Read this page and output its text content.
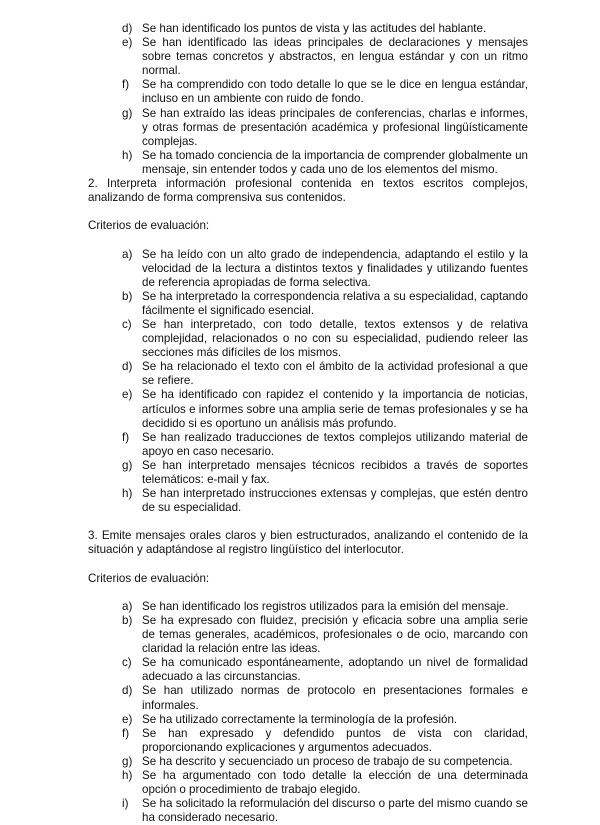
d) Se han identificado los puntos de vista y las actitudes del hablante.
e) Se han identificado las ideas principales de declaraciones y mensajes sobre temas concretos y abstractos, en lengua estándar y con un ritmo normal.
f)	Se ha comprendido con todo detalle lo que se le dice en lengua estándar, incluso en un ambiente con ruido de fondo.
g) Se han extraído las ideas principales de conferencias, charlas e informes, y otras formas de presentación académica y profesional lingüísticamente complejas.
h) Se ha tomado conciencia de la importancia de comprender globalmente un mensaje, sin entender todos y cada uno de los elementos del mismo.

2. Interpreta información profesional contenida en textos escritos complejos, analizando de forma comprensiva sus contenidos.

Criterios de evaluación:

a) Se ha leído con un alto grado de independencia, adaptando el estilo y la velocidad de la lectura a distintos textos y finalidades y utilizando fuentes de referencia apropiadas de forma selectiva.
b) Se ha interpretado la correspondencia relativa a su especialidad, captando fácilmente el significado esencial.
c) Se han interpretado, con todo detalle, textos extensos y de relativa complejidad, relacionados o no con su especialidad, pudiendo releer las secciones más difíciles de los mismos.
d) Se ha relacionado el texto con el ámbito de la actividad profesional a que se refiere.
e) Se ha identificado con rapidez el contenido y la importancia de noticias, artículos e informes sobre una amplia serie de temas profesionales y se ha decidido si es oportuno un análisis más profundo.
f)	Se han realizado traducciones de textos complejos utilizando material de apoyo en caso necesario.
g) Se han interpretado mensajes técnicos recibidos a través de soportes telemáticos: e-mail y fax.
h) Se han interpretado instrucciones extensas y complejas, que estén dentro de su especialidad.

3. Emite mensajes orales claros y bien estructurados, analizando el contenido de la situación y adaptándose al registro lingüístico del interlocutor.

Criterios de evaluación:

a) Se han identificado los registros utilizados para la emisión del mensaje.
b) Se ha expresado con fluidez, precisión y eficacia sobre una amplia serie de temas generales, académicos, profesionales o de ocio, marcando con claridad la relación entre las ideas.
c) Se ha comunicado espontáneamente, adoptando un nivel de formalidad adecuado a las circunstancias.
d) Se han utilizado normas de protocolo en presentaciones formales e informales.
e) Se ha utilizado correctamente la terminología de la profesión.
f)	Se han expresado y defendido puntos de vista con claridad, proporcionando explicaciones y argumentos adecuados.
g) Se ha descrito y secuenciado un proceso de trabajo de su competencia.
h) Se ha argumentado con todo detalle la elección de una determinada opción o procedimiento de trabajo elegido.
i)	Se ha solicitado la reformulación del discurso o parte del mismo cuando se ha considerado necesario.
